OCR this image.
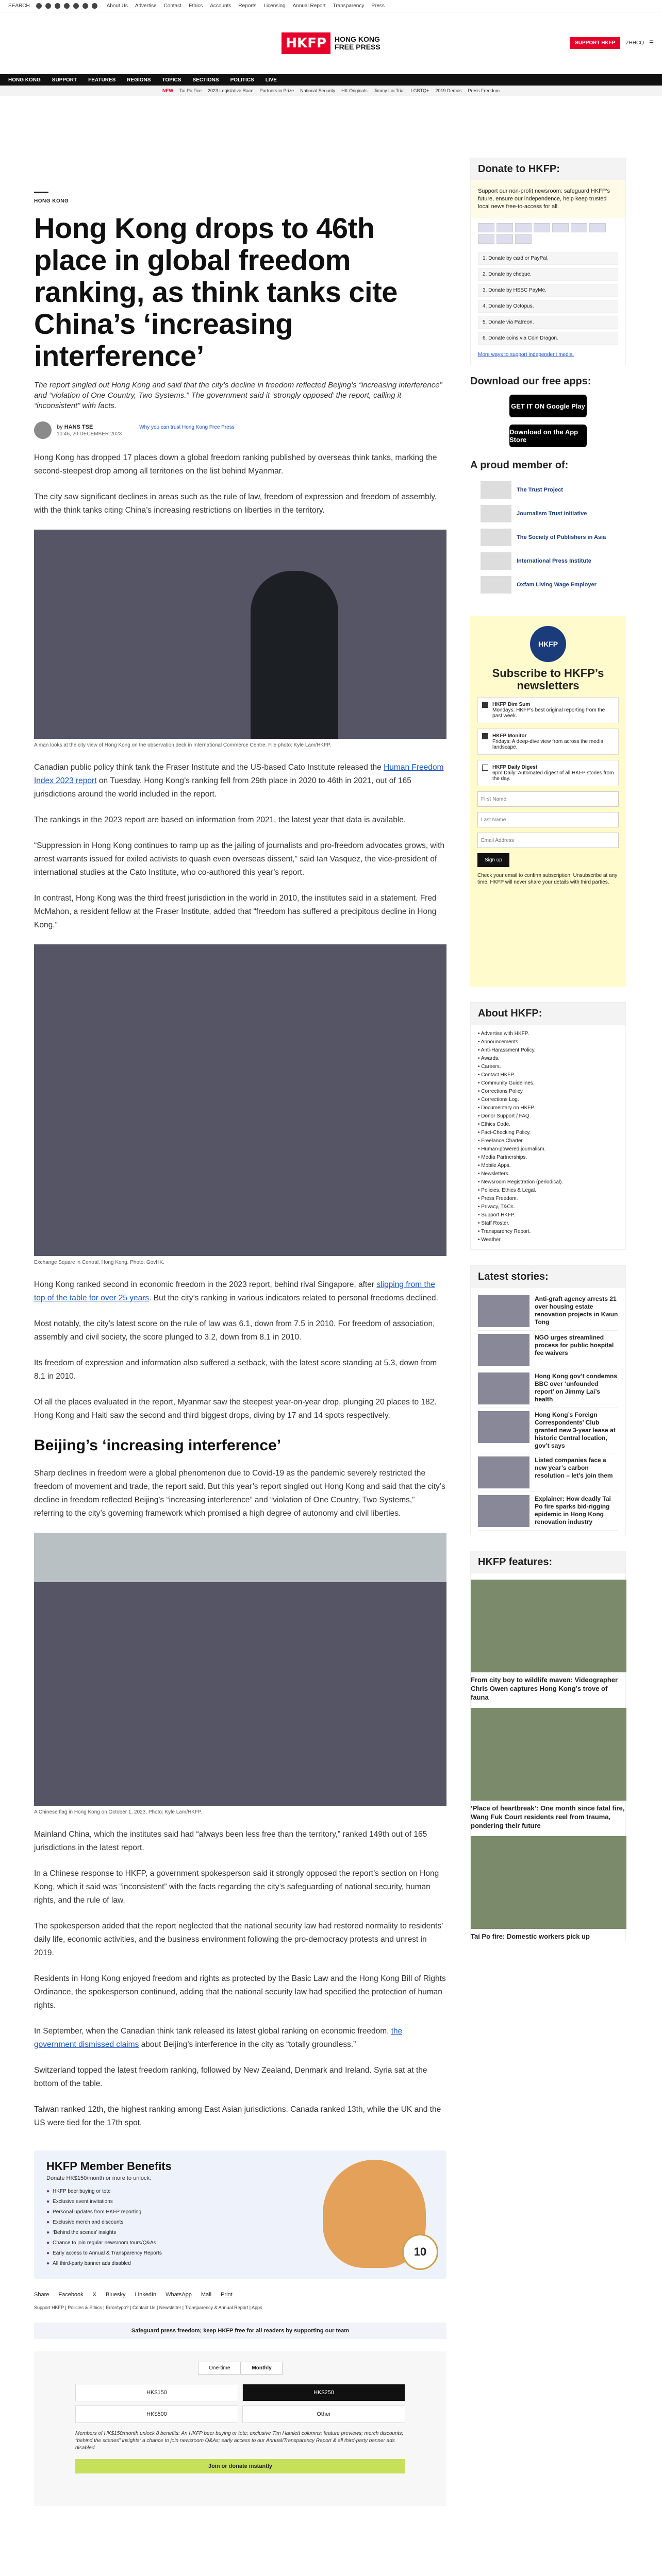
SEARCH	About Us Advertise Contact Ethics Accounts Reports Licensing Annual Report Transparency Press
HKFP	HONG KONG
FREE PRESS	SUPPORT HKFP	ZHHCQ ☰
HONG KONG SUPPORT FEATURES REGIONS TOPICS SECTIONS POLITICS LIVE
NEW Tai Po Fire 2023 Legislative Race Partners in Prize National Security HK Originals Jimmy Lai Trial LGBTQ+ 2019 Demos Press Freedom
HONG KONG
Hong Kong drops to 46th place in global freedom ranking, as think tanks cite China’s ‘increasing interference’

The report singled out Hong Kong and said that the city’s decline in freedom reflected Beijing’s “increasing interference” and “violation of One Country, Two Systems.” The government said it ‘strongly opposed’ the report, calling it “inconsistent” with facts.

by HANS TSE
10:46, 20 DECEMBER 2023
Why you can trust Hong Kong Free Press

Hong Kong has dropped 17 places down a global freedom ranking published by overseas think tanks, marking the second-steepest drop among all territories on the list behind Myanmar.

The city saw significant declines in areas such as the rule of law, freedom of expression and freedom of assembly, with the think tanks citing China’s increasing restrictions on liberties in the territory.

A man looks at the city view of Hong Kong on the observation deck in International Commerce Centre. File photo: Kyle Lam/HKFP.

Canadian public policy think tank the Fraser Institute and the US-based Cato Institute released the Human Freedom Index 2023 report on Tuesday. Hong Kong’s ranking fell from 29th place in 2020 to 46th in 2021, out of 165 jurisdictions around the world included in the report.

The rankings in the 2023 report are based on information from 2021, the latest year that data is available.

“Suppression in Hong Kong continues to ramp up as the jailing of journalists and pro-freedom advocates grows, with arrest warrants issued for exiled activists to quash even overseas dissent,” said Ian Vasquez, the vice-president of international studies at the Cato Institute, who co-authored this year’s report.

In contrast, Hong Kong was the third freest jurisdiction in the world in 2010, the institutes said in a statement. Fred McMahon, a resident fellow at the Fraser Institute, added that “freedom has suffered a precipitous decline in Hong Kong.”

Exchange Square in Central, Hong Kong. Photo: GovHK.

Hong Kong ranked second in economic freedom in the 2023 report, behind rival Singapore, after slipping from the top of the table for over 25 years. But the city’s ranking in various indicators related to personal freedoms declined.

Most notably, the city’s latest score on the rule of law was 6.1, down from 7.5 in 2010. For freedom of association, assembly and civil society, the score plunged to 3.2, down from 8.1 in 2010.

Its freedom of expression and information also suffered a setback, with the latest score standing at 5.3, down from 8.1 in 2010.

Of all the places evaluated in the report, Myanmar saw the steepest year-on-year drop, plunging 20 places to 182. Hong Kong and Haiti saw the second and third biggest drops, diving by 17 and 14 spots respectively.

Beijing’s ‘increasing interference’

Sharp declines in freedom were a global phenomenon due to Covid-19 as the pandemic severely restricted the freedom of movement and trade, the report said. But this year’s report singled out Hong Kong and said that the city’s decline in freedom reflected Beijing’s “increasing interference” and “violation of One Country, Two Systems,” referring to the city’s governing framework which promised a high degree of autonomy and civil liberties.

A Chinese flag in Hong Kong on October 1, 2023. Photo: Kyle Lam/HKFP.

Mainland China, which the institutes said had “always been less free than the territory,” ranked 149th out of 165 jurisdictions in the latest report.

In a Chinese response to HKFP, a government spokesperson said it strongly opposed the report’s section on Hong Kong, which it said was “inconsistent” with the facts regarding the city’s safeguarding of national security, human rights, and the rule of law.

The spokesperson added that the report neglected that the national security law had restored normality to residents’ daily life, economic activities, and the business environment following the pro-democracy protests and unrest in 2019.

Residents in Hong Kong enjoyed freedom and rights as protected by the Basic Law and the Hong Kong Bill of Rights Ordinance, the spokesperson continued, adding that the national security law had specified the protection of human rights.

In September, when the Canadian think tank released its latest global ranking on economic freedom, the government dismissed claims about Beijing’s interference in the city as “totally groundless.”

Switzerland topped the latest freedom ranking, followed by New Zealand, Denmark and Ireland. Syria sat at the bottom of the table.

Taiwan ranked 12th, the highest ranking among East Asian jurisdictions. Canada ranked 13th, while the UK and the US were tied for the 17th spot.

HKFP Member Benefits
Donate HK$150/month or more to unlock:
● HKFP beer buying or tote
● Exclusive event invitations
● Personal updates from HKFP reporting
● Exclusive merch and discounts
● ‘Behind the scenes’ insights
● Chance to join regular newsroom tours/Q&As
● Early access to Annual & Transparency Reports
● All third-party banner ads disabled
10
Share Facebook X Bluesky LinkedIn WhatsApp Mail Print
Support HKFP | Policies & Ethics | Error/typo? | Contact Us | Newsletter | Transparency & Annual Report | Apps
Safeguard press freedom; keep HKFP free for all readers by supporting our team
One-time	Monthly
HK$150	HK$250
HK$500	Other
Members of HK$150/month unlock 8 benefits: An HKFP beer buying or tote; exclusive Tim Hamlett columns; feature previews; merch discounts; “behind the scenes” insights; a chance to join newsroom Q&As; early access to our Annual/Transparency Report & all third-party banner ads disabled.
Join or donate instantly
Donate to HKFP:
Support our non-profit newsroom: safeguard HKFP’s future, ensure our independence, help keep trusted local news free-to-access for all.
1. Donate by card or PayPal.
2. Donate by cheque.
3. Donate by HSBC PayMe.
4. Donate by Octopus.
5. Donate via Patreon.
6. Donate coins via Coin Dragon.
More ways to support independent media.
Download our free apps:
GET IT ON Google Play
Download on the App Store
A proud member of:
The Trust Project
Journalism Trust Initiative
The Society of Publishers in Asia
International Press Institute
Oxfam Living Wage Employer
HKFP
Subscribe to HKFP’s newsletters
HKFP Dim Sum
Mondays: HKFP’s best original reporting from the past week.
HKFP Monitor
Fridays: A deep-dive view from across the media landscape.
HKFP Daily Digest
6pm Daily: Automated digest of all HKFP stories from the day.
First Name Last Name Email Address Sign up
Check your email to confirm subscription. Unsubscribe at any time. HKFP will never share your details with third parties.
About HKFP:
• Advertise with HKFP.
• Announcements.
• Anti-Harassment Policy.
• Awards.
• Careers.
• Contact HKFP.
• Community Guidelines.
• Corrections Policy.
• Corrections Log.
• Documentary on HKFP.
• Donor Support / FAQ.
• Ethics Code.
• Fact-Checking Policy.
• Freelance Charter.
• Human-powered journalism.
• Media Partnerships.
• Mobile Apps.
• Newsletters.
• Newsroom Registration (periodical).
• Policies, Ethics & Legal.
• Press Freedom.
• Privacy, T&Cs.
• Support HKFP.
• Staff Roster.
• Transparency Report.
• Weather.
Latest stories:
Anti-graft agency arrests 21 over housing estate renovation projects in Kwun Tong
NGO urges streamlined process for public hospital fee waivers
Hong Kong gov’t condemns BBC over ‘unfounded report’ on Jimmy Lai’s health
Hong Kong’s Foreign Correspondents’ Club granted new 3-year lease at historic Central location, gov’t says
Listed companies face a new year’s carbon resolution – let’s join them
Explainer: How deadly Tai Po fire sparks bid-rigging epidemic in Hong Kong renovation industry
HKFP features:
From city boy to wildlife maven: Videographer Chris Owen captures Hong Kong’s trove of fauna
‘Place of heartbreak’: One month since fatal fire, Wang Fuk Court residents reel from trauma, pondering their future
Tai Po fire: Domestic workers pick up
